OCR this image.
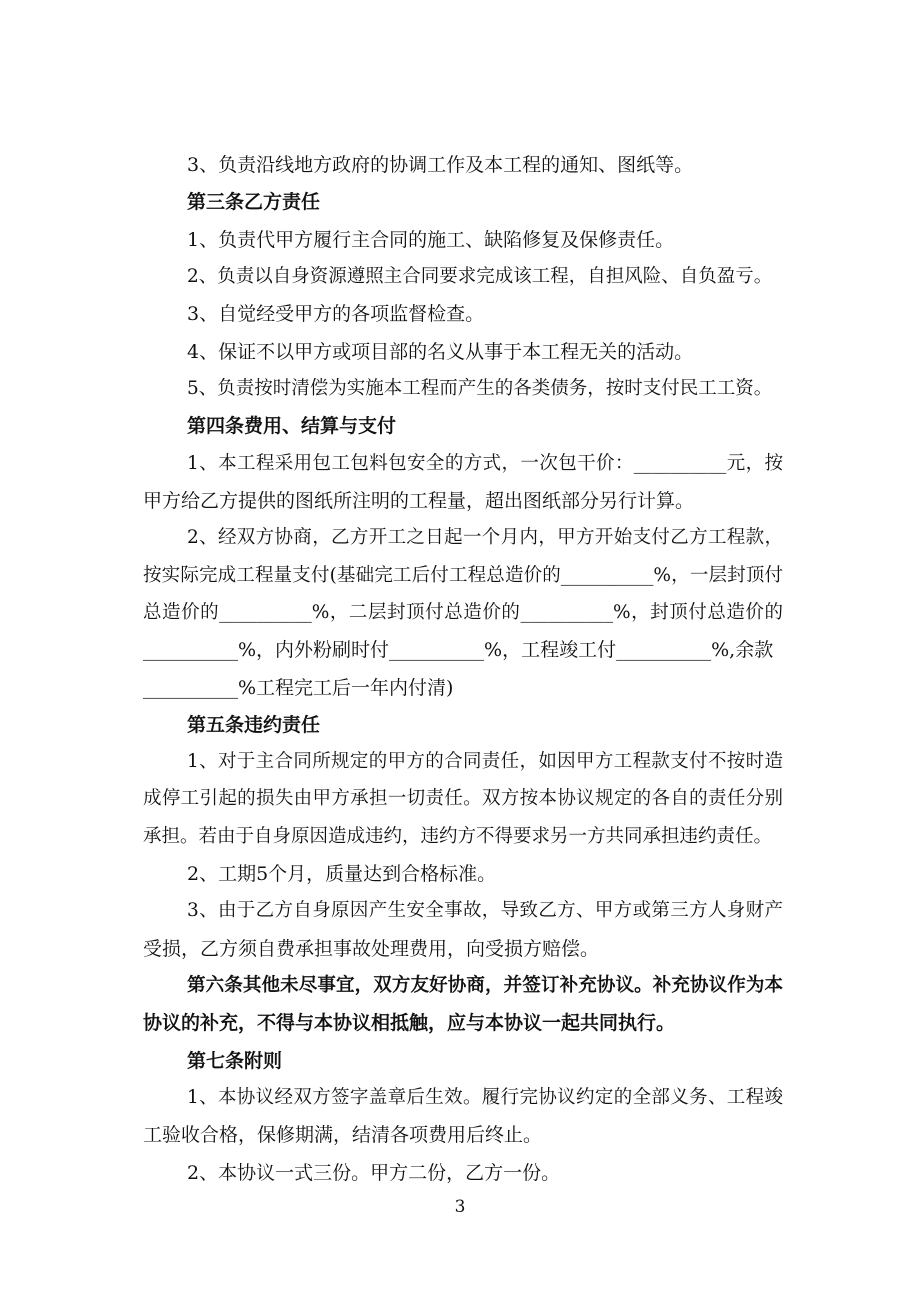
3、负责沿线地方政府的协调工作及本工程的通知、图纸等。
第三条乙方责任
1、负责代甲方履行主合同的施工、缺陷修复及保修责任。
2、负责以自身资源遵照主合同要求完成该工程，自担风险、自负盈亏。
3、自觉经受甲方的各项监督检查。
4、保证不以甲方或项目部的名义从事于本工程无关的活动。
5、负责按时清偿为实施本工程而产生的各类债务，按时支付民工工资。
第四条费用、结算与支付
1、本工程采用包工包料包安全的方式，一次包干价：__________元，按
甲方给乙方提供的图纸所注明的工程量，超出图纸部分另行计算。
2、经双方协商，乙方开工之日起一个月内，甲方开始支付乙方工程款，
按实际完成工程量支付(基础完工后付工程总造价的__________%，一层封顶付
总造价的__________%，二层封顶付总造价的__________%，封顶付总造价的
__________%，内外粉刷时付__________%，工程竣工付__________%,余款
__________%工程完工后一年内付清)
第五条违约责任
1、对于主合同所规定的甲方的合同责任，如因甲方工程款支付不按时造
成停工引起的损失由甲方承担一切责任。双方按本协议规定的各自的责任分别
承担。若由于自身原因造成违约，违约方不得要求另一方共同承担违约责任。
2、工期5个月，质量达到合格标准。
3、由于乙方自身原因产生安全事故，导致乙方、甲方或第三方人身财产
受损，乙方须自费承担事故处理费用，向受损方赔偿。
第六条其他未尽事宜，双方友好协商，并签订补充协议。补充协议作为本
协议的补充，不得与本协议相抵触，应与本协议一起共同执行。
第七条附则
1、本协议经双方签字盖章后生效。履行完协议约定的全部义务、工程竣
工验收合格，保修期满，结清各项费用后终止。
2、本协议一式三份。甲方二份，乙方一份。
3
